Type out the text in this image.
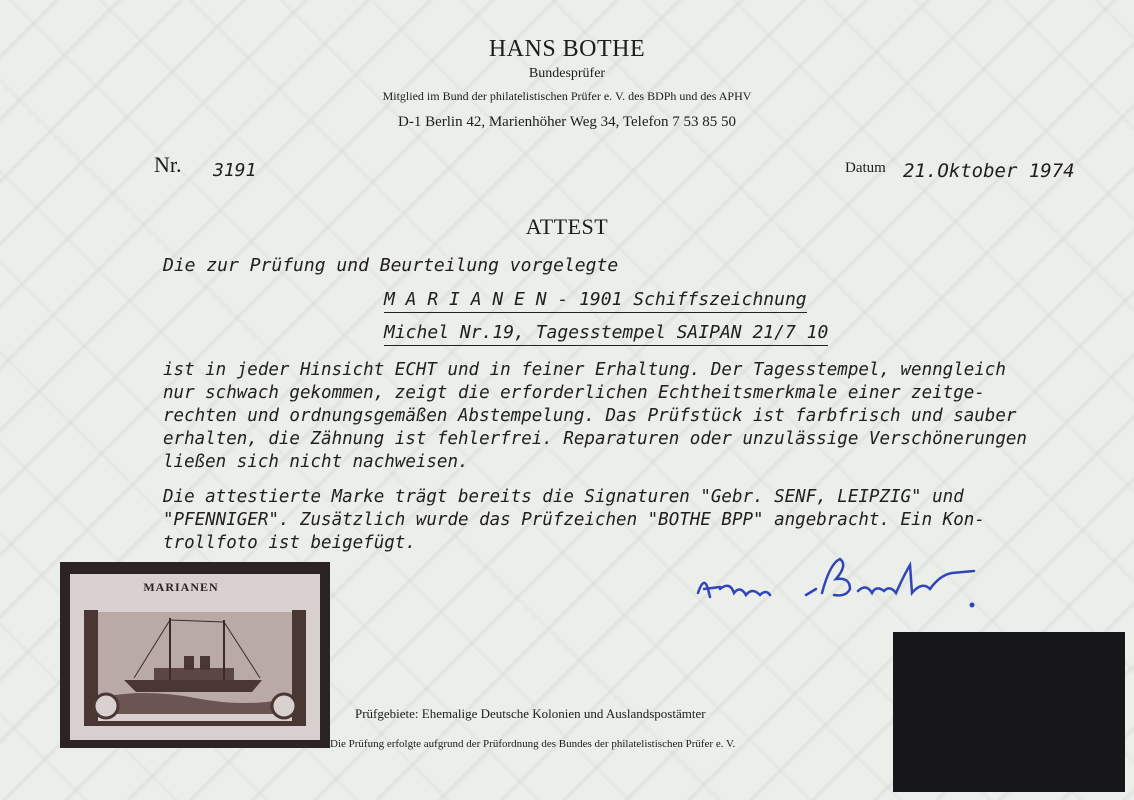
HANS BOTHE
Bundesprüfer
Mitglied im Bund der philatelistischen Prüfer e. V. des BDPh und des APHV
D-1 Berlin 42, Marienhöher Weg 34, Telefon 7 53 85 50
Nr. 3191	Datum 21.Oktober 1974
ATTEST
Die zur Prüfung und Beurteilung vorgelegte
M A R I A N E N - 1901 Schiffszeichnung
Michel Nr.19, Tagesstempel SAIPAN 21/7 10
ist in jeder Hinsicht ECHT und in feiner Erhaltung. Der Tagesstempel, wenngleich
nur schwach gekommen, zeigt die erforderlichen Echtheitsmerkmale einer zeitge-
rechten und ordnungsgemäßen Abstempelung. Das Prüfstück ist farbfrisch und sauber
erhalten, die Zähnung ist fehlerfrei. Reparaturen oder unzulässige Verschönerungen
ließen sich nicht nachweisen.
Die attestierte Marke trägt bereits die Signaturen "Gebr. SENF, LEIPZIG" und
"PFENNIGER". Zusätzlich wurde das Prüfzeichen "BOTHE BPP" angebracht. Ein Kon-
trollfoto ist beigefügt.
MARIANEN
Prüfgebiete: Ehemalige Deutsche Kolonien und Auslandspostämter
Die Prüfung erfolgte aufgrund der Prüfordnung des Bundes der philatelistischen Prüfer e. V.
